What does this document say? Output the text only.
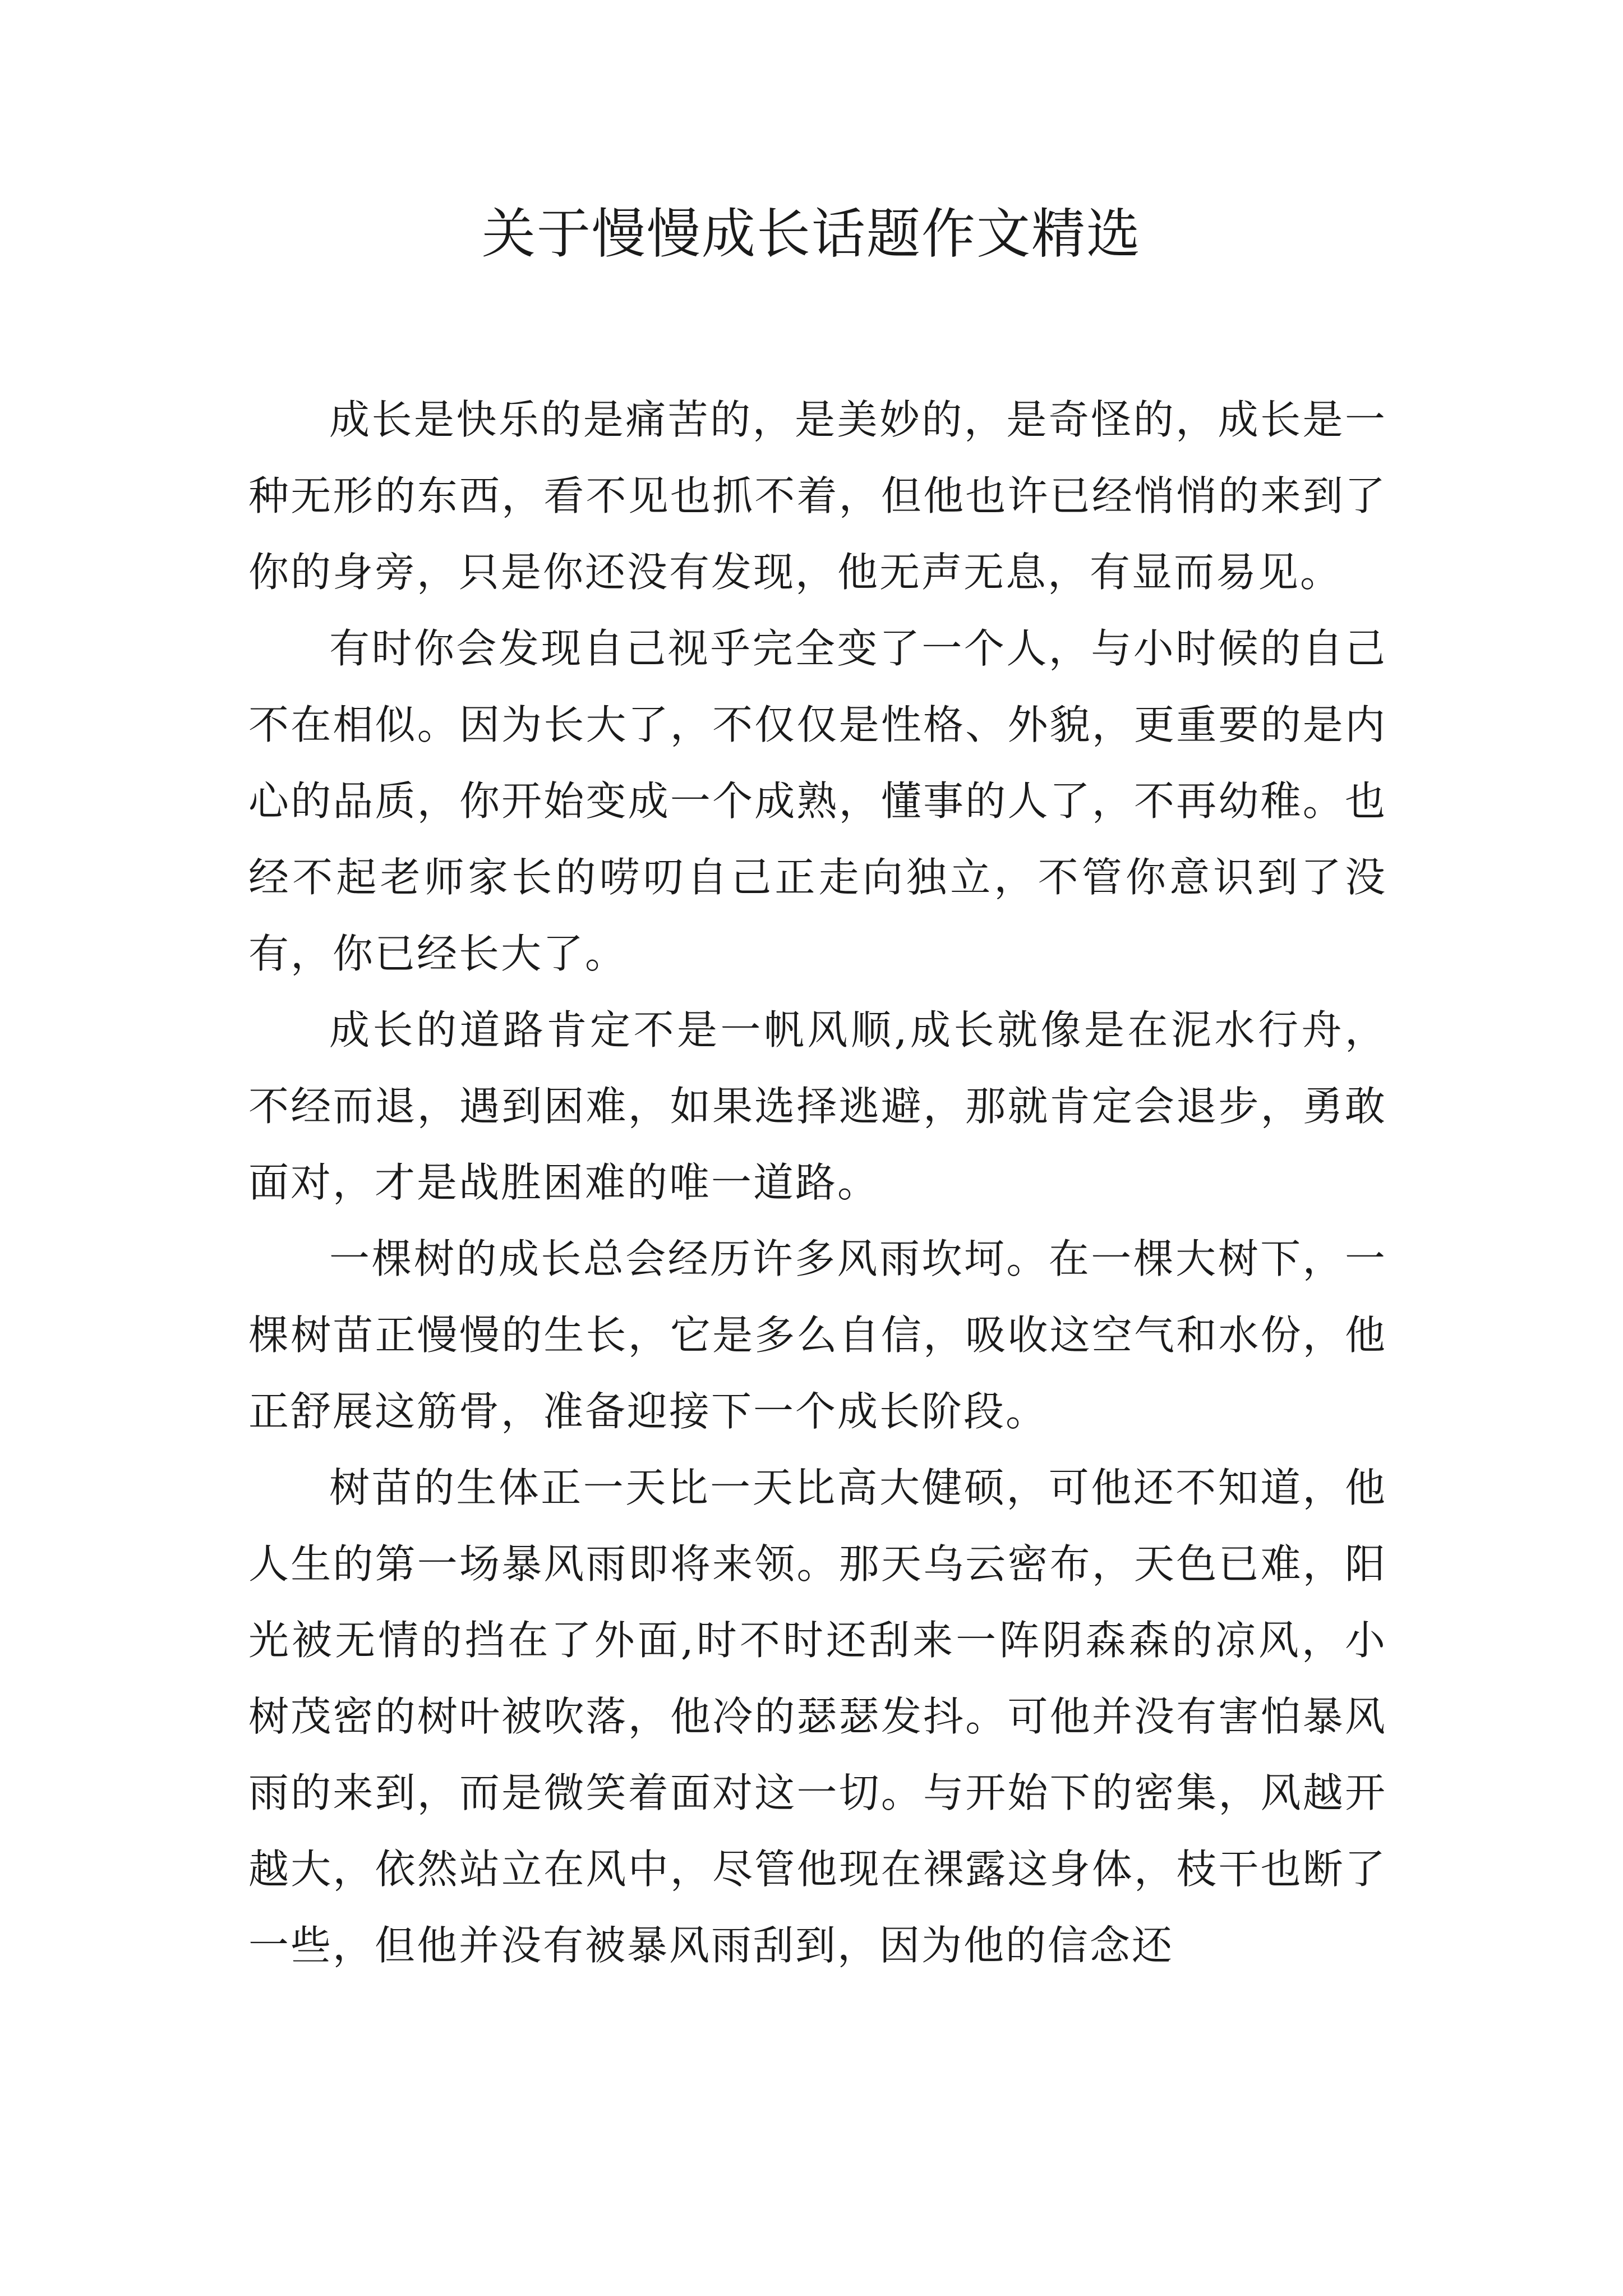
关于慢慢成长话题作文精选

成长是快乐的是痛苦的，是美妙的，是奇怪的，成长是一种无形的东西，看不见也抓不着，但他也许已经悄悄的来到了你的身旁，只是你还没有发现，他无声无息，有显而易见。

有时你会发现自己视乎完全变了一个人，与小时候的自己不在相似。因为长大了，不仅仅是性格、外貌，更重要的是内心的品质，你开始变成一个成熟，懂事的人了，不再幼稚。也经不起老师家长的唠叨自己正走向独立，不管你意识到了没有，你已经长大了。

成长的道路肯定不是一帆风顺,成长就像是在泥水行舟，不经而退，遇到困难，如果选择逃避，那就肯定会退步，勇敢面对，才是战胜困难的唯一道路。

一棵树的成长总会经历许多风雨坎坷。在一棵大树下，一棵树苗正慢慢的生长，它是多么自信，吸收这空气和水份，他正舒展这筋骨，准备迎接下一个成长阶段。

树苗的生体正一天比一天比高大健硕，可他还不知道，他人生的第一场暴风雨即将来领。那天乌云密布，天色已难，阳光被无情的挡在了外面,时不时还刮来一阵阴森森的凉风，小树茂密的树叶被吹落，他冷的瑟瑟发抖。可他并没有害怕暴风雨的来到，而是微笑着面对这一切。与开始下的密集，风越开越大，依然站立在风中，尽管他现在裸露这身体，枝干也断了一些，但他并没有被暴风雨刮到，因为他的信念还
